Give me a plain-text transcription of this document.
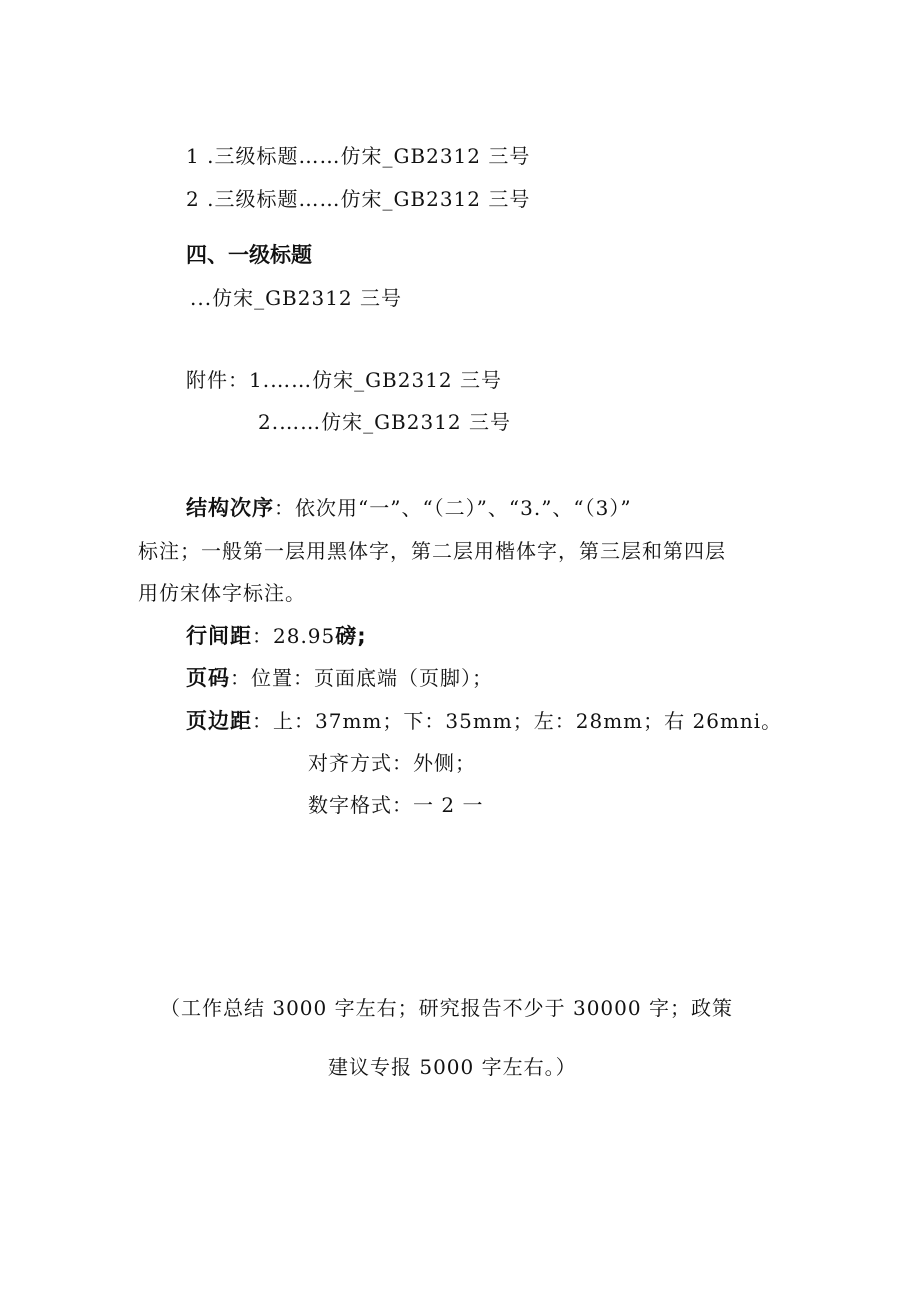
1 .三级标题……仿宋_GB2312 三号
2 .三级标题……仿宋_GB2312 三号
四、一级标题
...仿宋_GB2312 三号
附件：1.……仿宋_GB2312 三号
2.……仿宋_GB2312 三号
结构次序：依次用“一”、“（二）”、“3.”、“（3）”
标注；一般第一层用黑体字，第二层用楷体字，第三层和第四层
用仿宋体字标注。
行间距：28.95磅;
页码：位置：页面底端（页脚）；
页边距：上：37mm；下：35mm；左：28mm；右 26mni。
对齐方式：外侧；
数字格式：一 2 一
（工作总结 3000 字左右；研究报告不少于 30000 字；政策
建议专报 5000 字左右。）
